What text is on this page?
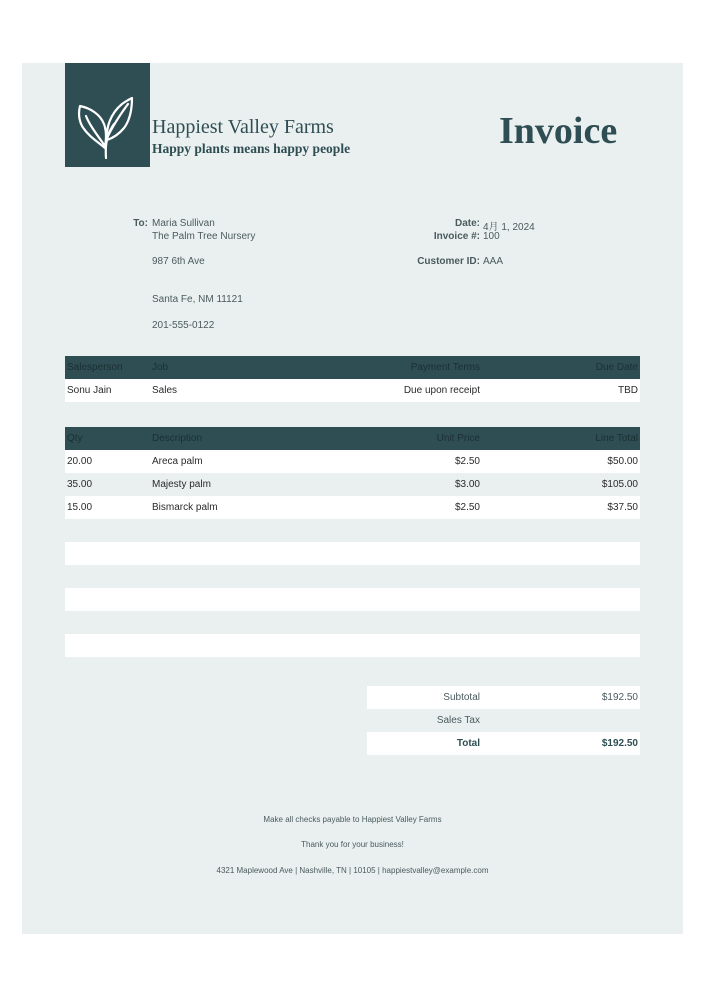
Happiest Valley Farms
Happy plants means happy people	Invoice
To: Maria Sullivan
The Palm Tree Nursery
987 6th Ave
Santa Fe, NM 11121
201-555-0122
Date: 4月 1, 2024
Invoice #: 100
Customer ID: AAA
Salesperson	Job	Payment Terms	Due Date
Sonu Jain	Sales	Due upon receipt	TBD
Qty	Description	Unit Price	Line Total
20.00	Areca palm	$2.50	$50.00
35.00	Majesty palm	$3.00	$105.00
15.00	Bismarck palm	$2.50	$37.50
Subtotal	$192.50
Sales Tax
Total	$192.50
Make all checks payable to Happiest Valley Farms
Thank you for your business!
4321 Maplewood Ave | Nashville, TN | 10105 | happiestvalley@example.com
